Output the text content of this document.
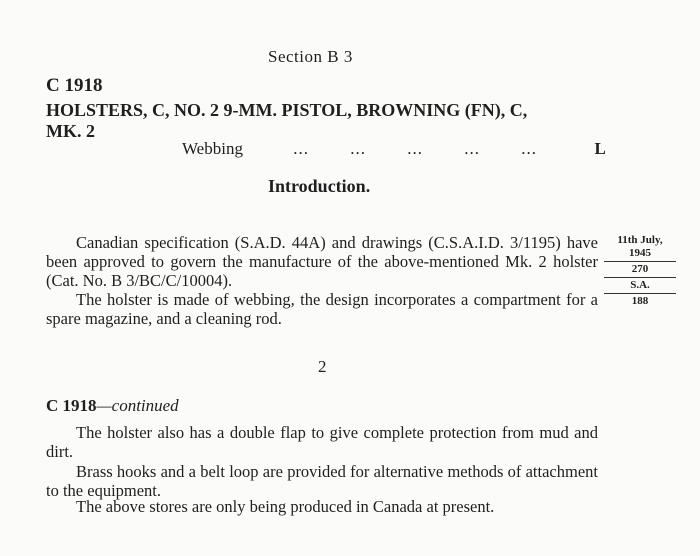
Section B 3
C 1918
HOLSTERS, C, NO. 2 9-MM. PISTOL, BROWNING (FN), C,
MK. 2
Webbing	... ... ... ... ...	L
Introduction.
Canadian specification (S.A.D. 44A) and drawings (C.S.A.I.D. 3/1195) have been approved to govern the manufacture of the above-mentioned Mk. 2 holster (Cat. No. B 3/BC/C/10004).
The holster is made of webbing, the design incorporates a compartment for a spare magazine, and a cleaning rod.
11th July,
1945
270
S.A.
188
2
C 1918—continued
The holster also has a double flap to give complete protection from mud and dirt.
Brass hooks and a belt loop are provided for alternative methods of attachment to the equipment.
The above stores are only being produced in Canada at present.
